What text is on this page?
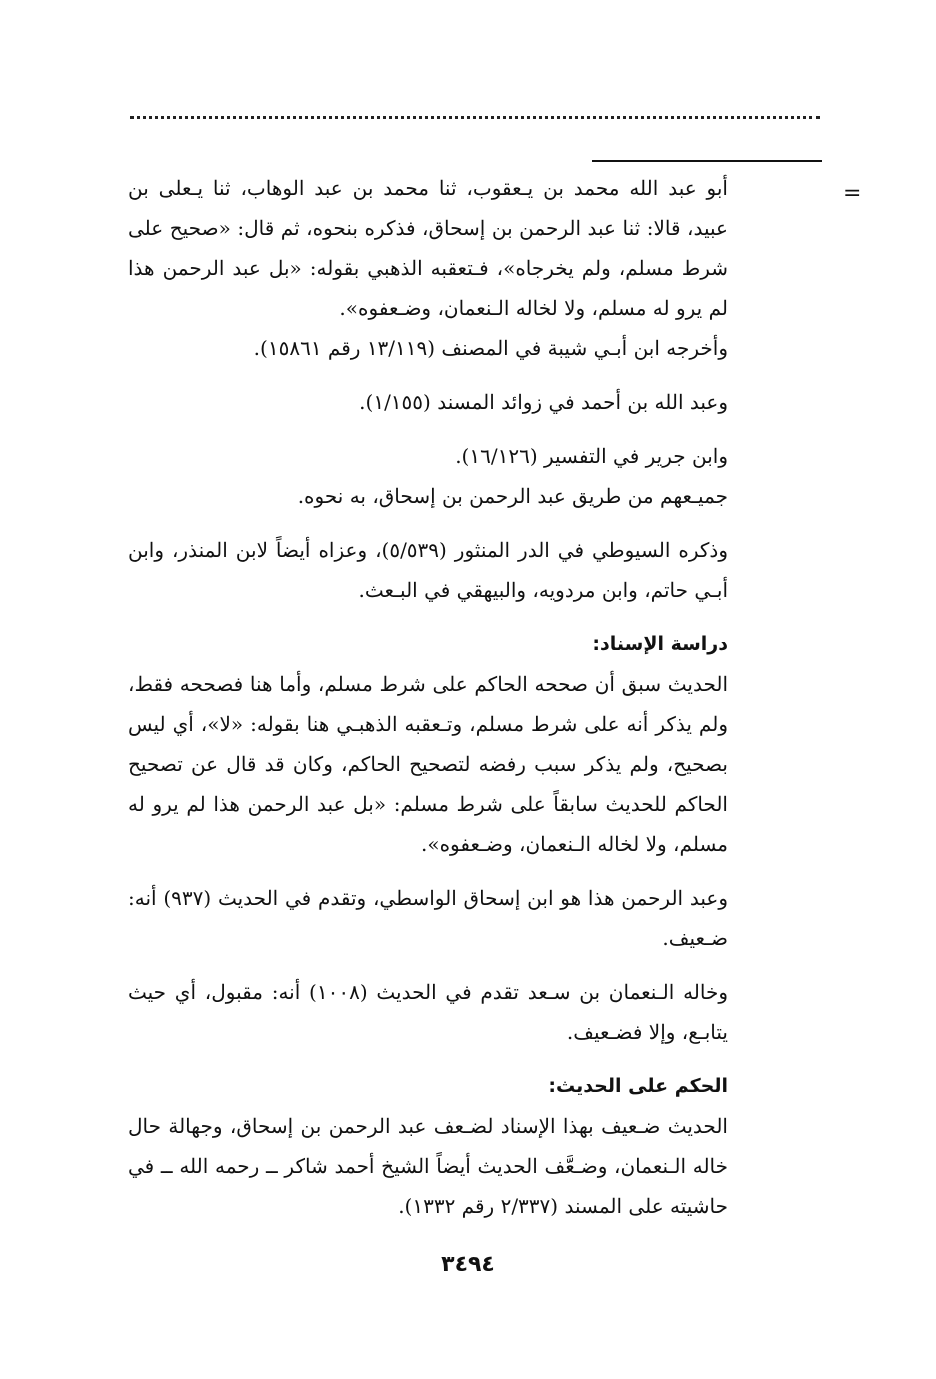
=

أبو عبد الله محمد بن يـعقوب، ثنا محمد بن عبد الوهاب، ثنا يـعلى بن عبيد، قالا: ثنا عبد الرحمن بن إسحاق، فذكره بنحوه، ثم قال: «صحيح على شرط مسلم، ولم يخرجاه»، فـتعقبه الذهبي بقوله: «بل عبد الرحمن هذا لم يرو له مسلم، ولا لخاله الـنعمان، وضـعفوه».

وأخرجه ابن أبـي شيبة في المصنف (١٣/١١٩ رقم ١٥٨٦١).

وعبد الله بن أحمد في زوائد المسند (١/١٥٥).

وابن جرير في التفسير (١٦/١٢٦).

جميـعهم من طريق عبد الرحمن بن إسحاق، به نحوه.

وذكره السيوطي في الدر المنثور (٥/٥٣٩)، وعزاه أيضاً لابن المنذر، وابن أبـي حاتم، وابن مردويه، والبيهقي في البـعث.

دراسة الإسناد:

الحديث سبق أن صححه الحاكم على شرط مسلم، وأما هنا فصححه فقط، ولم يذكر أنه على شرط مسلم، وتـعقبه الذهبـي هنا بقوله: «لا»، أي ليس بصحيح، ولم يذكر سبب رفضه لتصحيح الحاكم، وكان قد قال عن تصحيح الحاكم للحديث سابقاً على شرط مسلم: «بل عبد الرحمن هذا لم يرو له مسلم، ولا لخاله الـنعمان، وضـعفوه».

وعبد الرحمن هذا هو ابن إسحاق الواسطي، وتقدم في الحديث (٩٣٧) أنه: ضـعيف.

وخاله الـنعمان بن سـعد تقدم في الحديث (١٠٠٨) أنه: مقبول، أي حيث يتابـع، وإلا فضـعيف.

الحكم على الحديث:

الحديث ضـعيف بهذا الإسناد لضـعف عبد الرحمن بن إسحاق، وجهالة حال خاله الـنعمان، وضـعَّف الحديث أيضاً الشيخ أحمد شاكر ــ رحمه الله ــ في حاشيته على المسند (٢/٣٣٧ رقم ١٣٣٢).

٣٤٩٤
